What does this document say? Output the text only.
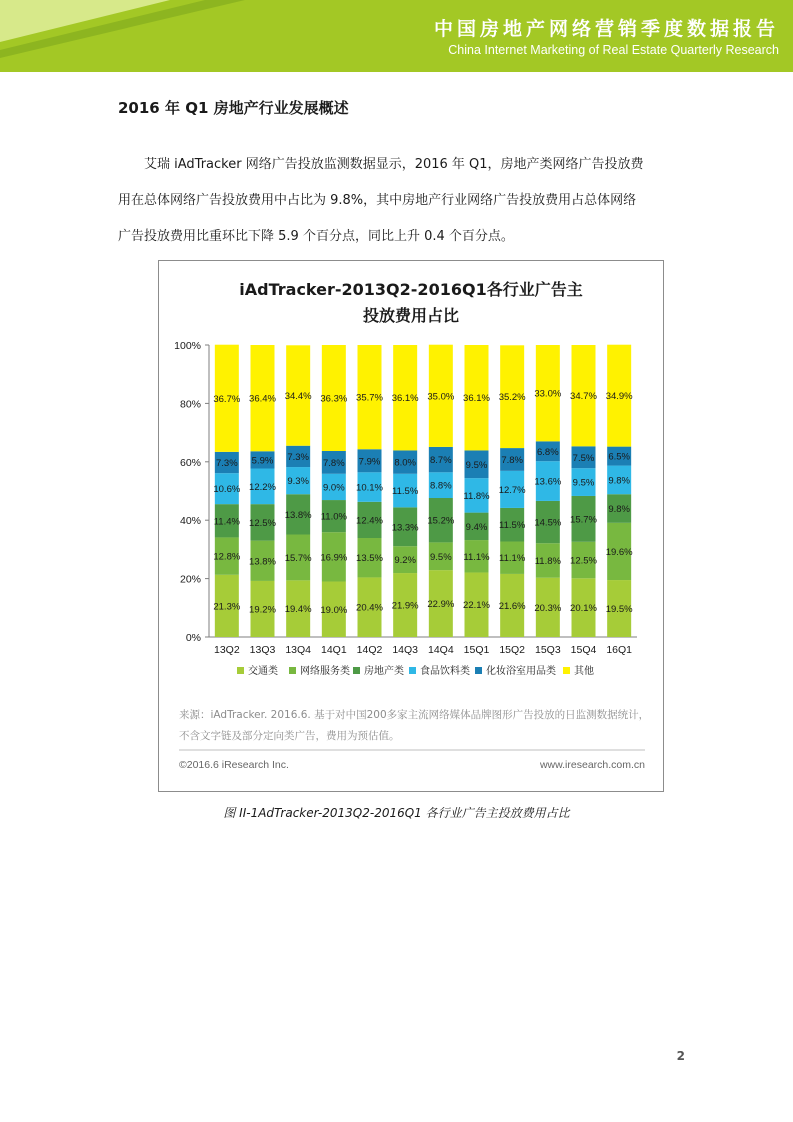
中国房地产网络营销季度数据报告
China Internet Marketing of Real Estate Quarterly Research
2016 年 Q1 房地产行业发展概述
艾瑞 iAdTracker 网络广告投放监测数据显示，2016 年 Q1，房地产类网络广告投放费
用在总体网络广告投放费用中占比为 9.8%，其中房地产行业网络广告投放费用占总体网络
广告投放费用比重环比下降 5.9 个百分点，同比上升 0.4 个百分点。
iAdTracker-2013Q2-2016Q1各行业广告主
投放费用占比
0%
20%
40%
60%
80%
100%
21.3%
12.8%
11.4%
10.6%
7.3%
36.7%
13Q2
19.2%
13.8%
12.5%
12.2%
5.9%
36.4%
13Q3
19.4%
15.7%
13.8%
9.3%
7.3%
34.4%
13Q4
19.0%
16.9%
11.0%
9.0%
7.8%
36.3%
14Q1
20.4%
13.5%
12.4%
10.1%
7.9%
35.7%
14Q2
21.9%
9.2%
13.3%
11.5%
8.0%
36.1%
14Q3
22.9%
9.5%
15.2%
8.8%
8.7%
35.0%
14Q4
22.1%
11.1%
9.4%
11.8%
9.5%
36.1%
15Q1
21.6%
11.1%
11.5%
12.7%
7.8%
35.2%
15Q2
20.3%
11.8%
14.5%
13.6%
6.8%
33.0%
15Q3
20.1%
12.5%
15.7%
9.5%
7.5%
34.7%
15Q4
19.5%
19.6%
9.8%
9.8%
6.5%
34.9%
16Q1
交通类 网络服务类 房地产类 食品饮料类 化妆浴室用品类 其他
来源：iAdTracker. 2016.6. 基于对中国200多家主流网络媒体品牌图形广告投放的日监测数据统计，
不含文字链及部分定向类广告，费用为预估值。
©2016.6 iResearch Inc.	www.iresearch.com.cn
图 II-1AdTracker-2013Q2-2016Q1 各行业广告主投放费用占比
2
